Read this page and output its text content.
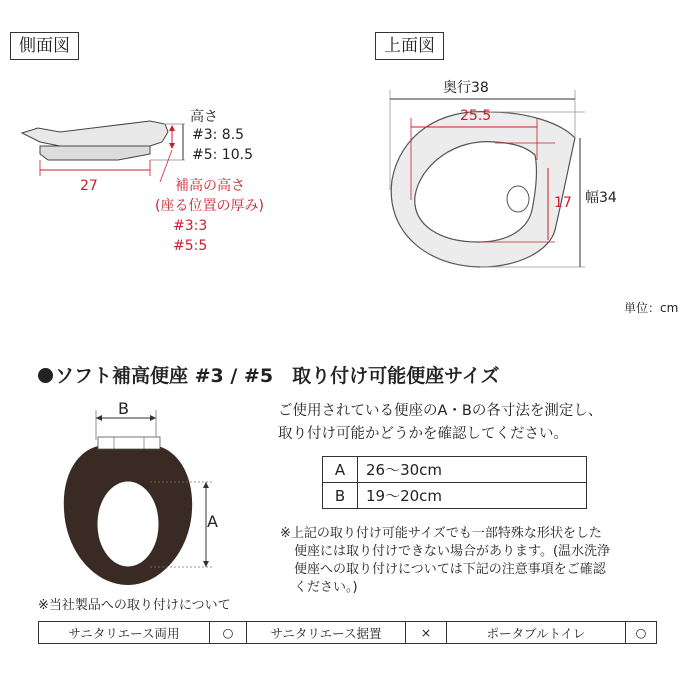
側面図
高さ
#3: 8.5
#5: 10.5
27	補高の高さ
(座る位置の厚み)
#3:3
#5:5
上面図
奥行38
25.5
17 幅34
単位：cm
ソフト補高便座 #3 / #5　取り付け可能便座サイズ
B
A
ご使用されている便座のA・Bの各寸法を測定し、
取り付け可能かどうかを確認してください。
A	26〜30cm
B	19〜20cm
※上記の取り付け可能サイズでも一部特殊な形状をした
便座には取り付けできない場合があります。(温水洗浄
便座への取り付けについては下記の注意事項をご確認
ください。)
※当社製品への取り付けについて
サニタリエース両用	○	サニタリエース据置	×	ポータブルトイレ	○
